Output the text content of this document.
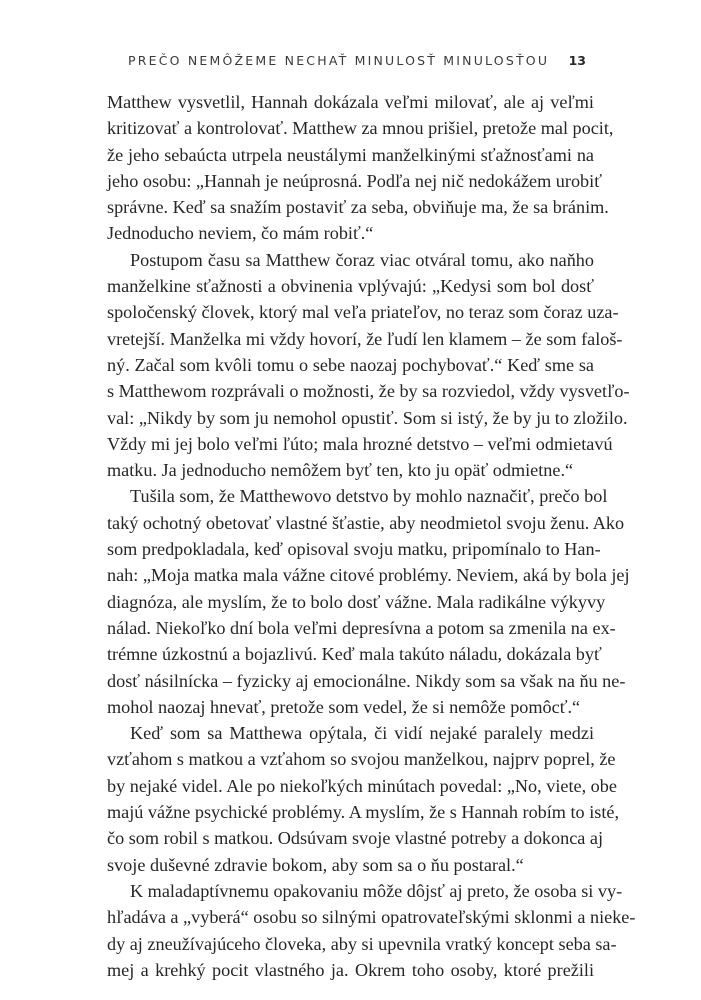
PREČO NEMÔŽEME NECHAŤ MINULOSŤ MINULOSŤOU 13
Matthew vysvetlil, Hannah dokázala veľmi milovať, ale aj veľmi
kritizovať a kontrolovať. Matthew za mnou prišiel, pretože mal pocit,
že jeho sebaúcta utrpela neustálymi manželkinými sťažnosťami na
jeho osobu: „Hannah je neúprosná. Podľa nej nič nedokážem urobiť
správne. Keď sa snažím postaviť za seba, obviňuje ma, že sa bránim.
Jednoducho neviem, čo mám robiť.“
Postupom času sa Matthew čoraz viac otváral tomu, ako naňho
manželkine sťažnosti a obvinenia vplývajú: „Kedysi som bol dosť
spoločenský človek, ktorý mal veľa priateľov, no teraz som čoraz uza-
vretejší. Manželka mi vždy hovorí, že ľudí len klamem – že som faloš-
ný. Začal som kvôli tomu o sebe naozaj pochybovať.“ Keď sme sa
s Matthewom rozprávali o možnosti, že by sa rozviedol, vždy vysvetľo-
val: „Nikdy by som ju nemohol opustiť. Som si istý, že by ju to zložilo.
Vždy mi jej bolo veľmi ľúto; mala hrozné detstvo – veľmi odmietavú
matku. Ja jednoducho nemôžem byť ten, kto ju opäť odmietne.“
Tušila som, že Matthewovo detstvo by mohlo naznačiť, prečo bol
taký ochotný obetovať vlastné šťastie, aby neodmietol svoju ženu. Ako
som predpokladala, keď opisoval svoju matku, pripomínalo to Han-
nah: „Moja matka mala vážne citové problémy. Neviem, aká by bola jej
diagnóza, ale myslím, že to bolo dosť vážne. Mala radikálne výkyvy
nálad. Niekoľko dní bola veľmi depresívna a potom sa zmenila na ex-
trémne úzkostnú a bojazlivú. Keď mala takúto náladu, dokázala byť
dosť násilnícka – fyzicky aj emocionálne. Nikdy som sa však na ňu ne-
mohol naozaj hnevať, pretože som vedel, že si nemôže pomôcť.“
Keď som sa Matthewa opýtala, či vidí nejaké paralely medzi
vzťahom s matkou a vzťahom so svojou manželkou, najprv poprel, že
by nejaké videl. Ale po niekoľkých minútach povedal: „No, viete, obe
majú vážne psychické problémy. A myslím, že s Hannah robím to isté,
čo som robil s matkou. Odsúvam svoje vlastné potreby a dokonca aj
svoje duševné zdravie bokom, aby som sa o ňu postaral.“
K maladaptívnemu opakovaniu môže dôjsť aj preto, že osoba si vy-
hľadáva a „vyberá“ osobu so silnými opatrovateľskými sklonmi a nieke-
dy aj zneužívajúceho človeka, aby si upevnila vratký koncept seba sa-
mej a krehký pocit vlastného ja. Okrem toho osoby, ktoré prežili
